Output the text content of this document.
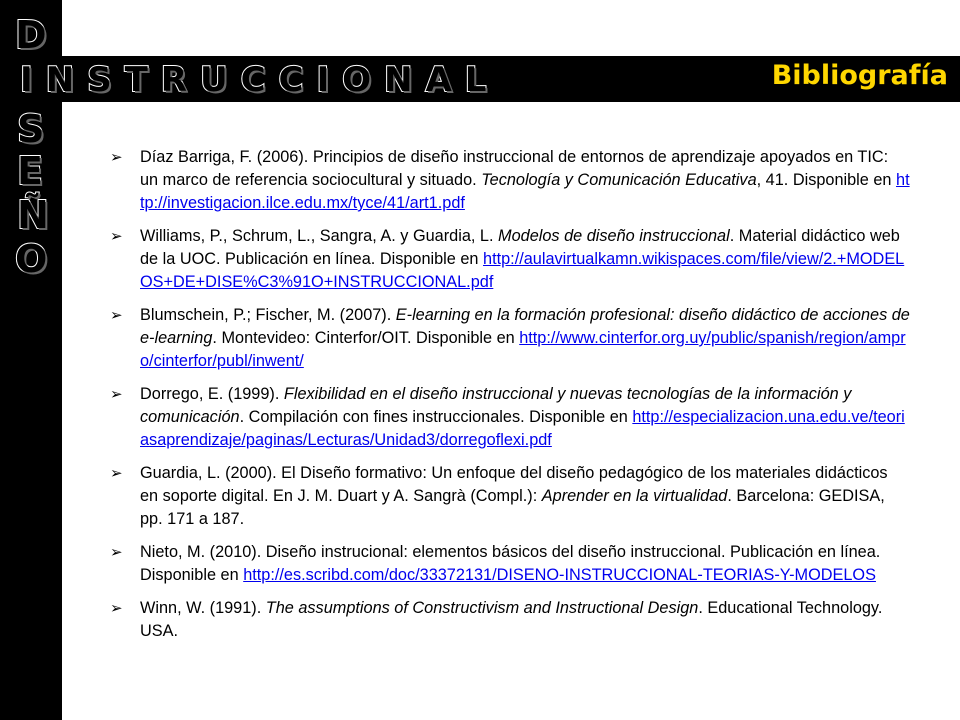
D
INSTRUCCIONAL
S
E
Ñ
O
Bibliografía
➢ Díaz Barriga, F. (2006). Principios de diseño instruccional de entornos de aprendizaje apoyados en TIC: un marco de referencia sociocultural y situado. Tecnología y Comunicación Educativa, 41. Disponible en http://investigacion.ilce.edu.mx/tyce/41/art1.pdf
➢ Williams, P., Schrum, L., Sangra, A. y Guardia, L. Modelos de diseño instruccional. Material didáctico web de la UOC. Publicación en línea. Disponible en http://aulavirtualkamn.wikispaces.com/file/view/2.+MODELOS+DE+DISE%C3%91O+INSTRUCCIONAL.pdf
➢ Blumschein, P.; Fischer, M. (2007). E-learning en la formación profesional: diseño didáctico de acciones de e-learning. Montevideo: Cinterfor/OIT. Disponible en http://www.cinterfor.org.uy/public/spanish/region/ampro/cinterfor/publ/inwent/
➢ Dorrego, E. (1999). Flexibilidad en el diseño instruccional y nuevas tecnologías de la información y comunicación. Compilación con fines instruccionales. Disponible en http://especializacion.una.edu.ve/teoriasaprendizaje/paginas/Lecturas/Unidad3/dorregoflexi.pdf
➢ Guardia, L. (2000). El Diseño formativo: Un enfoque del diseño pedagógico de los materiales didácticos en soporte digital. En J. M. Duart y A. Sangrà (Compl.): Aprender en la virtualidad. Barcelona: GEDISA, pp. 171 a 187.
➢ Nieto, M. (2010). Diseño instrucional: elementos básicos del diseño instruccional. Publicación en línea. Disponible en http://es.scribd.com/doc/33372131/DISENO-INSTRUCCIONAL-TEORIAS-Y-MODELOS
➢ Winn, W. (1991). The assumptions of Constructivism and Instructional Design. Educational Technology. USA.
